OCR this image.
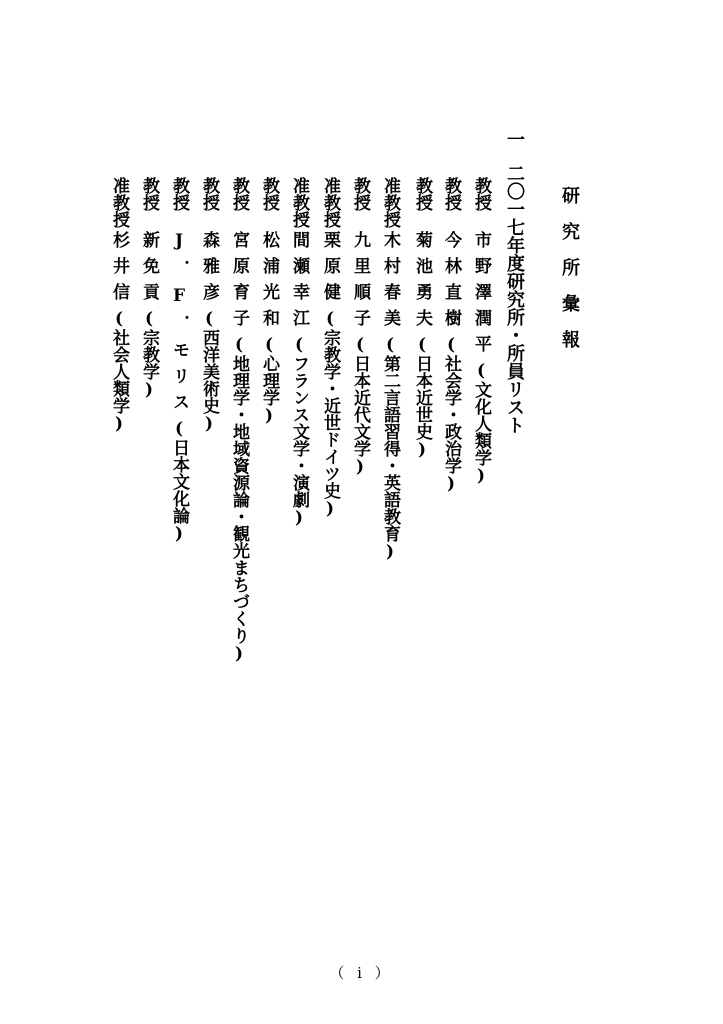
研究所彙報
一二〇一七年度研究所・所員リスト
教授市野澤潤平(文化人類学)
教授今林直樹(社会学・政治学)
教授菊池勇夫(日本近世史)
准教授木村春美(第二言語習得・英語教育)
教授九里順子(日本近代文学)
准教授栗原健(宗教学・近世ドイツ史)
准教授間瀬幸江(フランス文学・演劇)
教授松浦光和(心理学)
教授宮原育子(地理学・地域資源論・観光まちづくり)
教授森雅彦(西洋美術史)
教授J．F．モリス(日本文化論)
教授新免貢(宗教学)
准教授杉井信(社会人類学)
（ i ）
